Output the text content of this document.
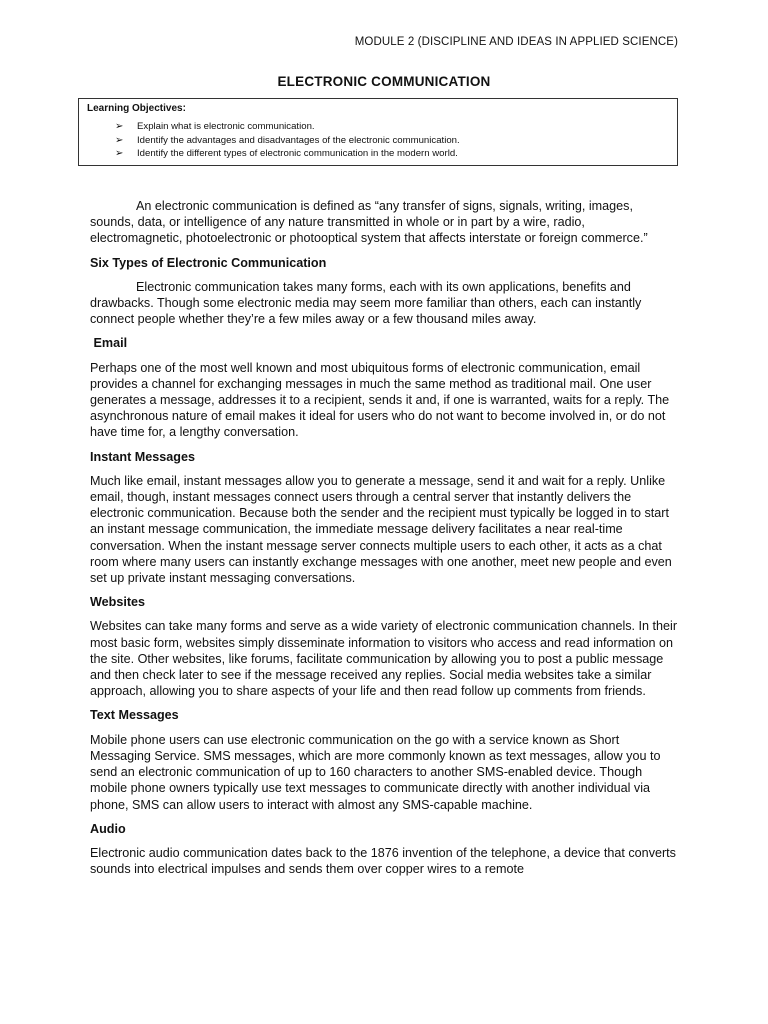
MODULE 2 (DISCIPLINE AND IDEAS IN APPLIED SCIENCE)
ELECTRONIC COMMUNICATION
Learning Objectives:
➢ Explain what is electronic communication.
➢ Identify the advantages and disadvantages of the electronic communication.
➢ Identify the different types of electronic communication in the modern world.

An electronic communication is defined as “any transfer of signs, signals, writing, images, sounds, data, or intelligence of any nature transmitted in whole or in part by a wire, radio, electromagnetic, photoelectronic or photooptical system that affects interstate or foreign commerce.”

Six Types of Electronic Communication

Electronic communication takes many forms, each with its own applications, benefits and drawbacks. Though some electronic media may seem more familiar than others, each can instantly connect people whether they’re a few miles away or a few thousand miles away.

Email

Perhaps one of the most well known and most ubiquitous forms of electronic communication, email provides a channel for exchanging messages in much the same method as traditional mail. One user generates a message, addresses it to a recipient, sends it and, if one is warranted, waits for a reply. The asynchronous nature of email makes it ideal for users who do not want to become involved in, or do not have time for, a lengthy conversation.

Instant Messages

Much like email, instant messages allow you to generate a message, send it and wait for a reply. Unlike email, though, instant messages connect users through a central server that instantly delivers the electronic communication. Because both the sender and the recipient must typically be logged in to start an instant message communication, the immediate message delivery facilitates a near real-time conversation. When the instant message server connects multiple users to each other, it acts as a chat room where many users can instantly exchange messages with one another, meet new people and even set up private instant messaging conversations.

Websites

Websites can take many forms and serve as a wide variety of electronic communication channels. In their most basic form, websites simply disseminate information to visitors who access and read information on the site. Other websites, like forums, facilitate communication by allowing you to post a public message and then check later to see if the message received any replies. Social media websites take a similar approach, allowing you to share aspects of your life and then read follow up comments from friends.

Text Messages

Mobile phone users can use electronic communication on the go with a service known as Short Messaging Service. SMS messages, which are more commonly known as text messages, allow you to send an electronic communication of up to 160 characters to another SMS-enabled device. Though mobile phone owners typically use text messages to communicate directly with another individual via phone, SMS can allow users to interact with almost any SMS-capable machine.

Audio

Electronic audio communication dates back to the 1876 invention of the telephone, a device that converts sounds into electrical impulses and sends them over copper wires to a remote
